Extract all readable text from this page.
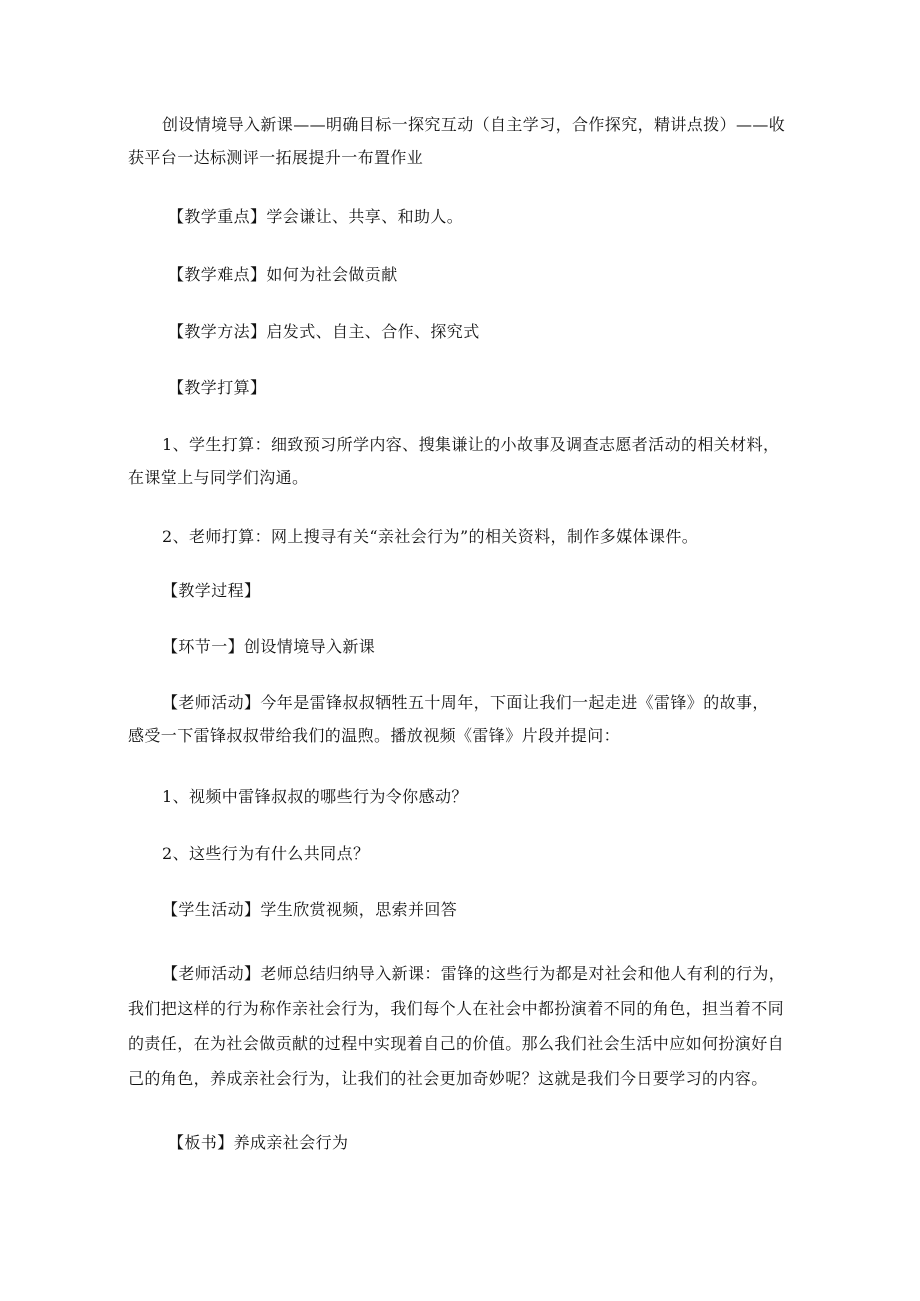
创设情境导入新课——明确目标一探究互动（自主学习，合作探究，精讲点拨）——收
获平台一达标测评一拓展提升一布置作业

【教学重点】学会谦让、共享、和助人。

【教学难点】如何为社会做贡献

【教学方法】启发式、自主、合作、探究式

【教学打算】

1、学生打算：细致预习所学内容、搜集谦让的小故事及调查志愿者活动的相关材料，
在课堂上与同学们沟通。

2、老师打算：网上搜寻有关“亲社会行为”的相关资料，制作多媒体课件。

【教学过程】

【环节一】创设情境导入新课

【老师活动】今年是雷锋叔叔牺牲五十周年，下面让我们一起走进《雷锋》的故事，
感受一下雷锋叔叔带给我们的温煦。播放视频《雷锋》片段并提问：

1、视频中雷锋叔叔的哪些行为令你感动？

2、这些行为有什么共同点？

【学生活动】学生欣赏视频，思索并回答

【老师活动】老师总结归纳导入新课：雷锋的这些行为都是对社会和他人有利的行为，
我们把这样的行为称作亲社会行为，我们每个人在社会中都扮演着不同的角色，担当着不同
的责任，在为社会做贡献的过程中实现着自己的价值。那么我们社会生活中应如何扮演好自
己的角色，养成亲社会行为，让我们的社会更加奇妙呢？这就是我们今日要学习的内容。

【板书】养成亲社会行为
